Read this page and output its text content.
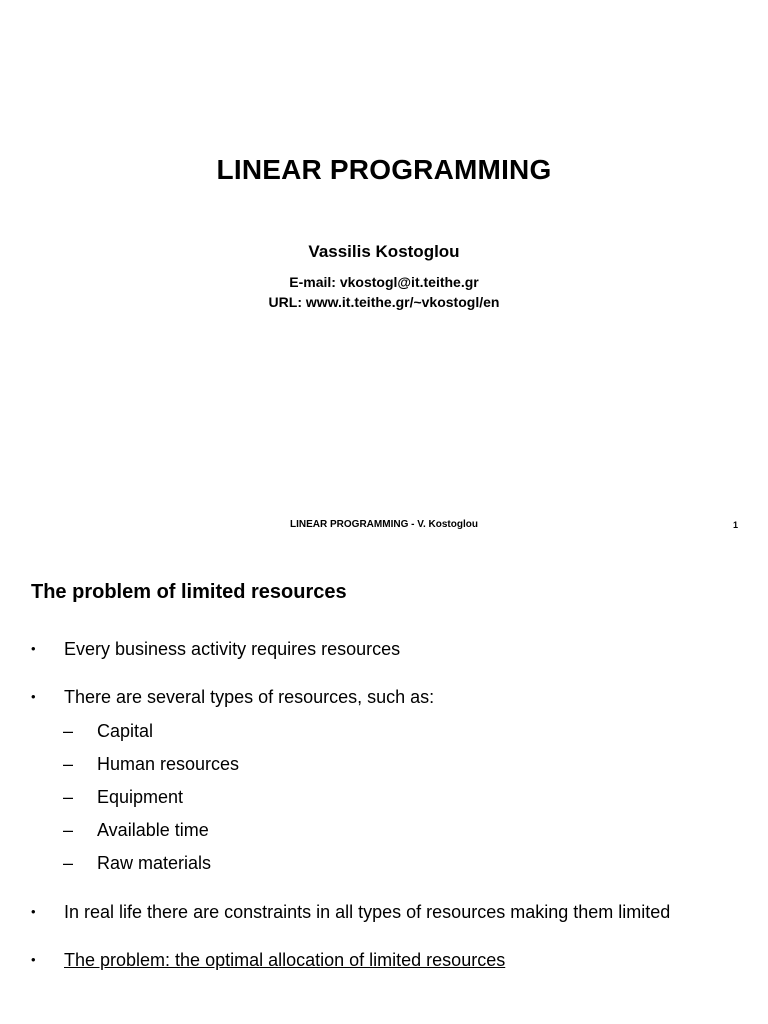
LINEAR PROGRAMMING
Vassilis Kostoglou
E-mail: vkostogl@it.teithe.gr
URL: www.it.teithe.gr/~vkostogl/en
LINEAR PROGRAMMING - V. Kostoglou	1
The problem of limited resources
• Every business activity requires resources
• There are several types of resources, such as:
– Capital
– Human resources
– Equipment
– Available time
– Raw materials
• In real life there are constraints in all types of resources making them limited
• The problem: the optimal allocation of limited resources
